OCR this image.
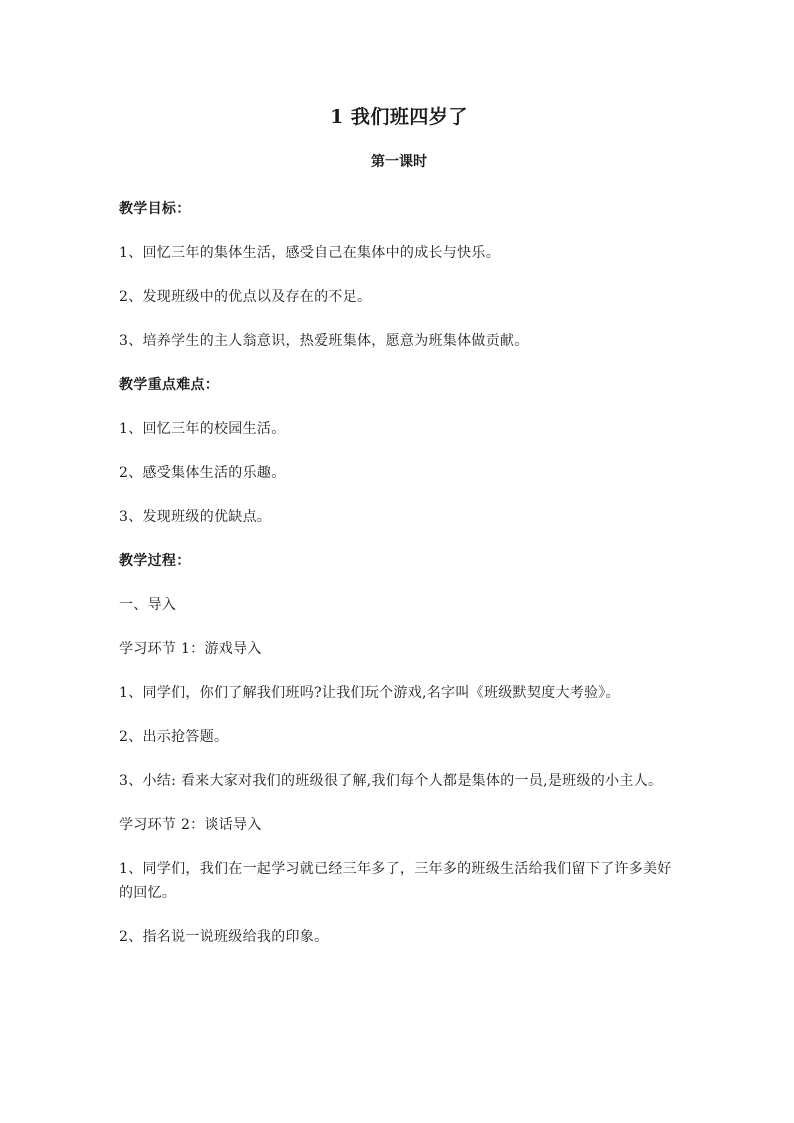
1 我们班四岁了
第一课时
教学目标：
1、回忆三年的集体生活，感受自己在集体中的成长与快乐。
2、发现班级中的优点以及存在的不足。
3、培养学生的主人翁意识，热爱班集体，愿意为班集体做贡献。
教学重点难点：
1、回忆三年的校园生活。
2、感受集体生活的乐趣。
3、发现班级的优缺点。
教学过程：
一、导入
学习环节 1：游戏导入
1、同学们，你们了解我们班吗?让我们玩个游戏,名字叫《班级默契度大考验》。
2、出示抢答题。
3、小结: 看来大家对我们的班级很了解,我们每个人都是集体的一员,是班级的小主人。
学习环节 2：谈话导入
1、同学们，我们在一起学习就已经三年多了，三年多的班级生活给我们留下了许多美好的回忆。
2、指名说一说班级给我的印象。
